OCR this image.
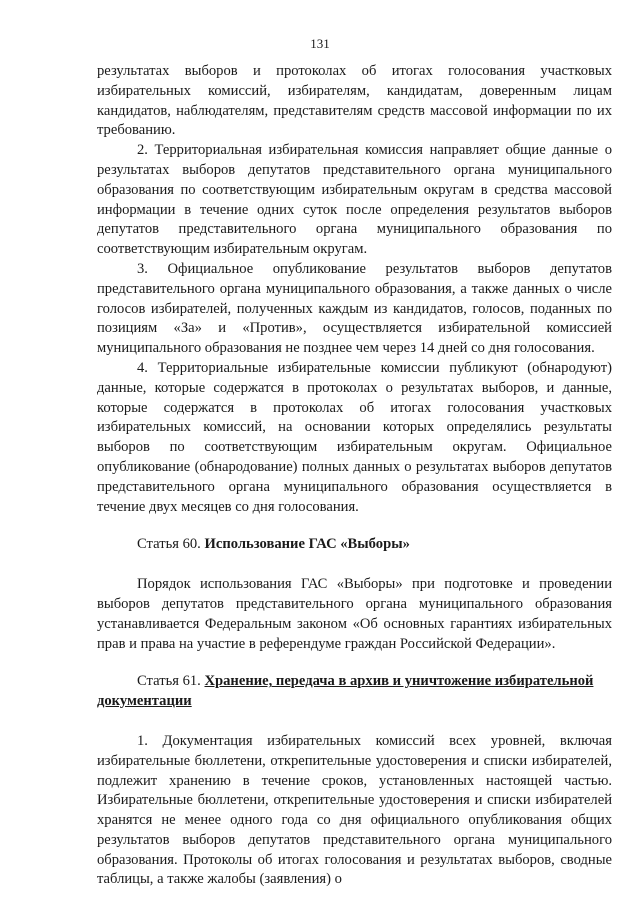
131

результатах выборов и протоколах об итогах голосования участковых избирательных комиссий, избирателям, кандидатам, доверенным лицам кандидатов, наблюдателям, представителям средств массовой информации по их требованию.

2. Территориальная избирательная комиссия направляет общие данные о результатах выборов депутатов представительного органа муниципального образования по соответствующим избирательным округам в средства массовой информации в течение одних суток после определения результатов выборов депутатов представительного органа муниципального образования по соответствующим избирательным округам.

3. Официальное опубликование результатов выборов депутатов представительного органа муниципального образования, а также данных о числе голосов избирателей, полученных каждым из кандидатов, голосов, поданных по позициям «За» и «Против», осуществляется избирательной комиссией муниципального образования не позднее чем через 14 дней со дня голосования.

4. Территориальные избирательные комиссии публикуют (обнародуют) данные, которые содержатся в протоколах о результатах выборов, и данные, которые содержатся в протоколах об итогах голосования участковых избирательных комиссий, на основании которых определялись результаты выборов по соответствующим избирательным округам. Официальное опубликование (обнародование) полных данных о результатах выборов депутатов представительного органа муниципального образования осуществляется в течение двух месяцев со дня голосования.

Статья 60. Использование ГАС «Выборы»

Порядок использования ГАС «Выборы» при подготовке и проведении выборов депутатов представительного органа муниципального образования устанавливается Федеральным законом «Об основных гарантиях избирательных прав и права на участие в референдуме граждан Российской Федерации».

Статья 61. Хранение, передача в архив и уничтожение избирательной документации

1. Документация избирательных комиссий всех уровней, включая избирательные бюллетени, открепительные удостоверения и списки избирателей, подлежит хранению в течение сроков, установленных настоящей частью. Избирательные бюллетени, открепительные удостоверения и списки избирателей хранятся не менее одного года со дня официального опубликования общих результатов выборов депутатов представительного органа муниципального образования. Протоколы об итогах голосования и результатах выборов, сводные таблицы, а также жалобы (заявления) о
